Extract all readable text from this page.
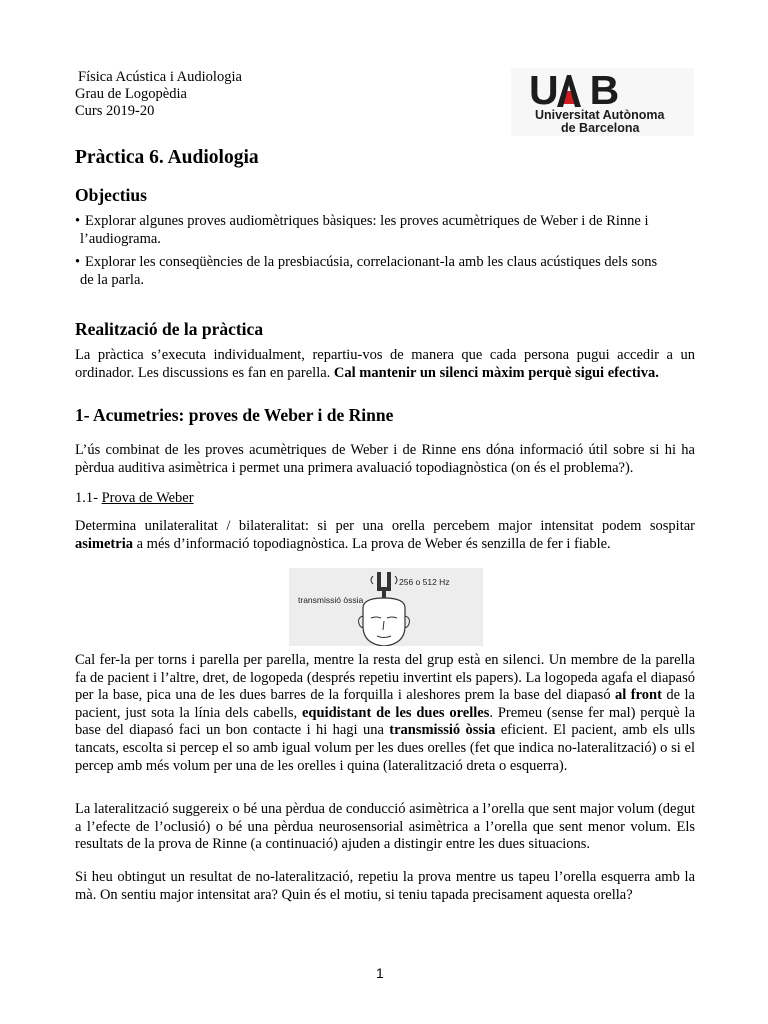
Física Acústica i Audiologia
Grau de Logopèdia
Curs 2019-20	U B
Universitat Autònoma
de Barcelona
Pràctica 6. Audiologia
Objectius
• Explorar algunes proves audiomètriques bàsiques: les proves acumètriques de Weber i de Rinne i
l’audiograma.
• Explorar les conseqüències de la presbiacúsia, correlacionant-la amb les claus acústiques dels sons
de la parla.
Realització de la pràctica
La pràctica s’executa individualment, repartiu-vos de manera que cada persona pugui accedir a un ordinador. Les discussions es fan en parella. Cal mantenir un silenci màxim perquè sigui efectiva.
1- Acumetries: proves de Weber i de Rinne
L’ús combinat de les proves acumètriques de Weber i de Rinne ens dóna informació útil sobre si hi ha pèrdua auditiva asimètrica i permet una primera avaluació topodiagnòstica (on és el problema?).
1.1- Prova de Weber
Determina unilateralitat / bilateralitat: si per una orella percebem major intensitat podem sospitar asimetria a més d’informació topodiagnòstica. La prova de Weber és senzilla de fer i fiable.
256 o 512 Hz
transmissió òssia
Cal fer-la per torns i parella per parella, mentre la resta del grup està en silenci. Un membre de la parella fa de pacient i l’altre, dret, de logopeda (després repetiu invertint els papers). La logopeda agafa el diapasó per la base, pica una de les dues barres de la forquilla i aleshores prem la base del diapasó al front de la pacient, just sota la línia dels cabells, equidistant de les dues orelles. Premeu (sense fer mal) perquè la base del diapasó faci un bon contacte i hi hagi una transmissió òssia eficient. El pacient, amb els ulls tancats, escolta si percep el so amb igual volum per les dues orelles (fet que indica no-lateralització) o si el percep amb més volum per una de les orelles i quina (lateralització dreta o esquerra).
La lateralització suggereix o bé una pèrdua de conducció asimètrica a l’orella que sent major volum (degut a l’efecte de l’oclusió) o bé una pèrdua neurosensorial asimètrica a l’orella que sent menor volum. Els resultats de la prova de Rinne (a continuació) ajuden a distingir entre les dues situacions.
Si heu obtingut un resultat de no-lateralització, repetiu la prova mentre us tapeu l’orella esquerra amb la mà. On sentiu major intensitat ara? Quin és el motiu, si teniu tapada precisament aquesta orella?
1
